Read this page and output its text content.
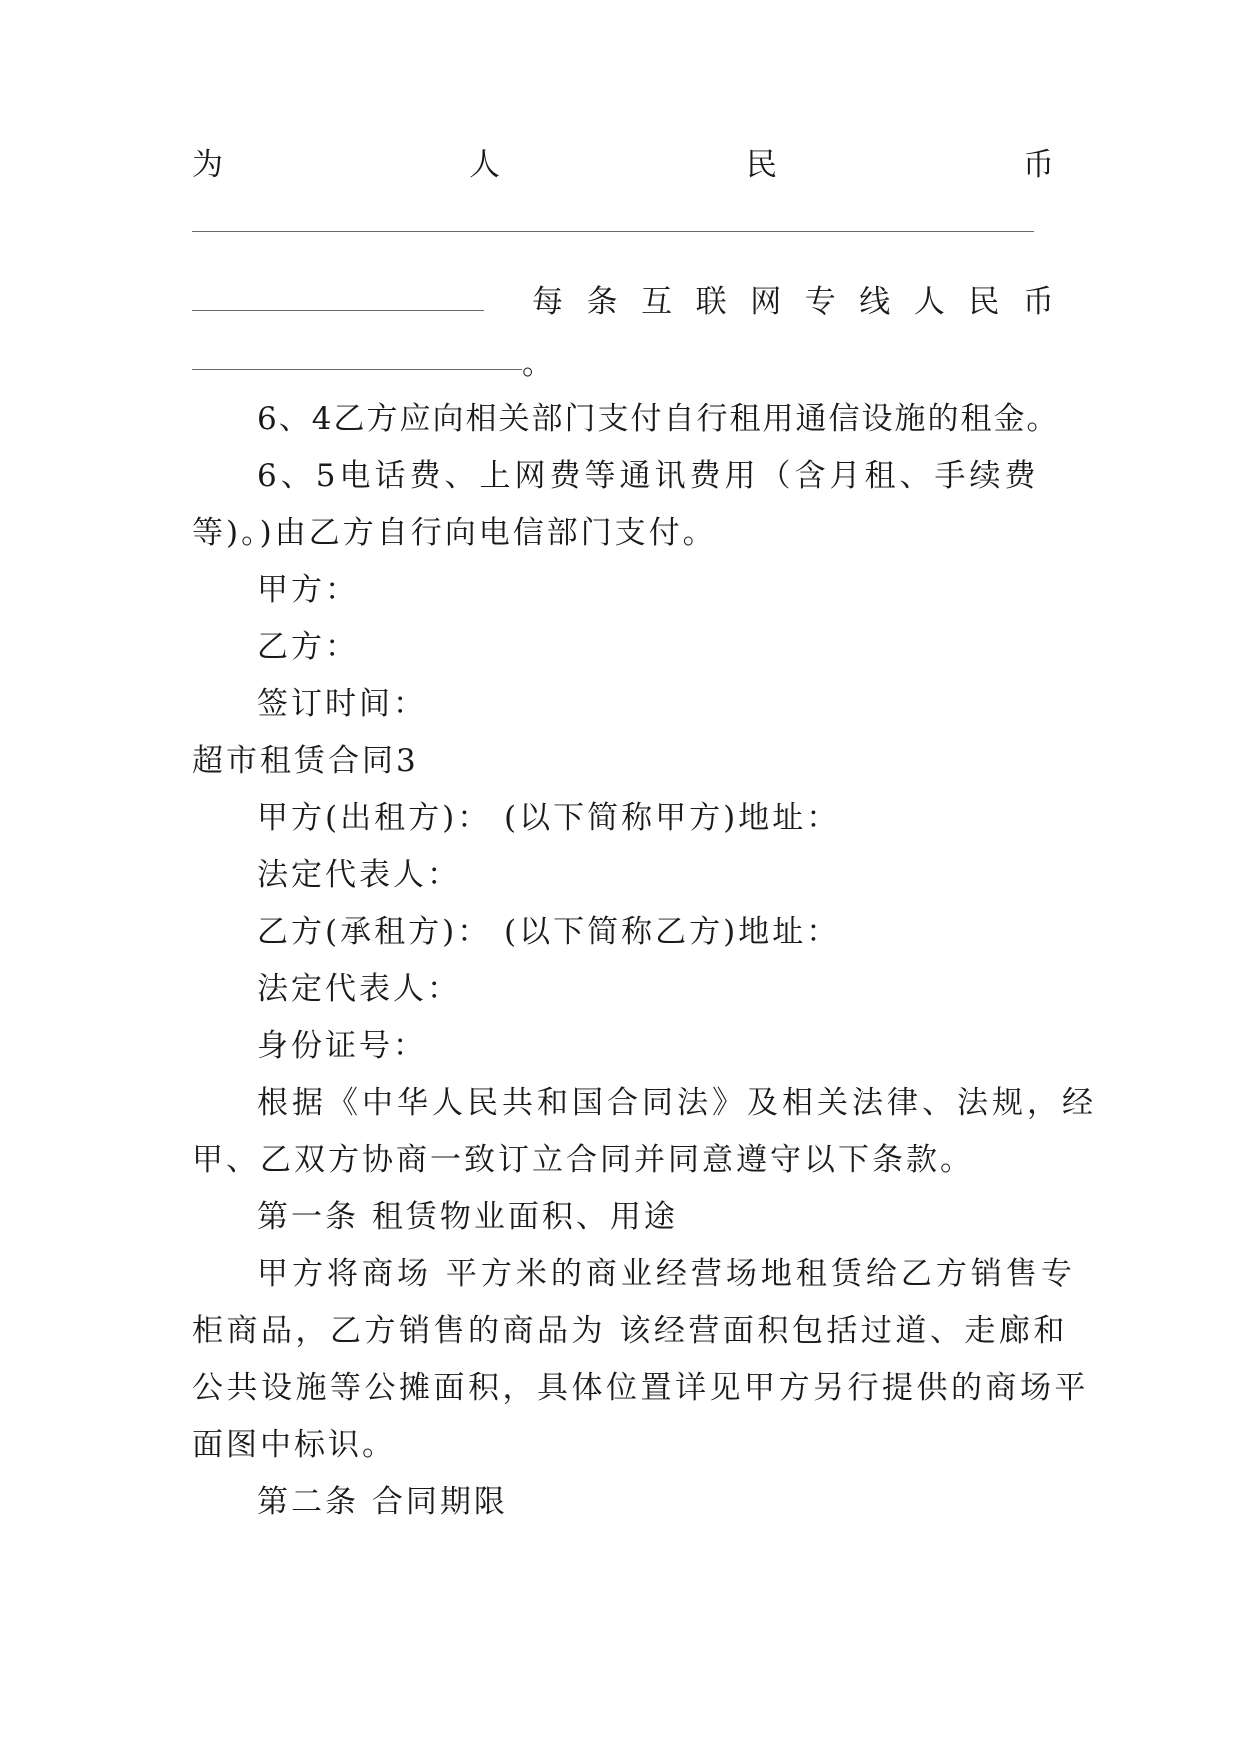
为	人	民	币
每 条 互 联 网 专 线 人 民 币
。
6、4乙方应向相关部门支付自行租用通信设施的租金。
6、5电话费、上网费等通讯费用（含月租、手续费
等)。)由乙方自行向电信部门支付。
甲方：
乙方：
签订时间：
超市租赁合同3
甲方(出租方)： (以下简称甲方)地址：
法定代表人：
乙方(承租方)： (以下简称乙方)地址：
法定代表人：
身份证号：
根据《中华人民共和国合同法》及相关法律、法规，经
甲、乙双方协商一致订立合同并同意遵守以下条款。
第一条 租赁物业面积、用途
甲方将商场 平方米的商业经营场地租赁给乙方销售专
柜商品，乙方销售的商品为 该经营面积包括过道、走廊和
公共设施等公摊面积，具体位置详见甲方另行提供的商场平
面图中标识。
第二条 合同期限
